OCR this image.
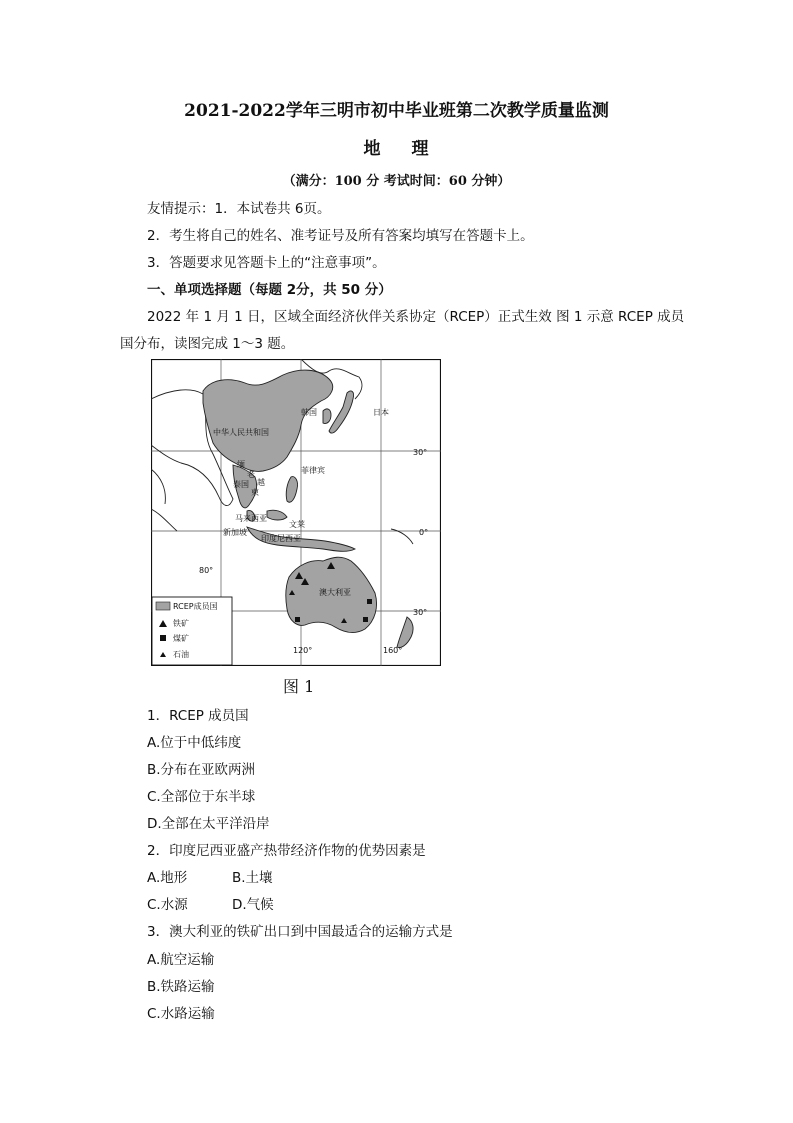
2021-2022学年三明市初中毕业班第二次教学质量监测
地 理
（满分：100 分 考试时间：60 分钟）
友情提示：1．本试卷共 6页。
2．考生将自己的姓名、准考证号及所有答案均填写在答题卡上。
3．答题要求见答题卡上的“注意事项”。
一、单项选择题（每题 2分，共 50 分）
2022 年 1 月 1 日，区域全面经济伙伴关系协定（RCEP）正式生效 图 1 示意 RCEP 成员
国分布，读图完成 1～3 题。
中华人民共和国
韩国	日本
缅
老
泰国
柬
越
菲律宾
马来西亚
文莱
新加坡
印度尼西亚
澳大利亚
30°
0°
30°
80°
120°	160°
RCEP成员国
铁矿
煤矿
石油
图 1
1．RCEP 成员国
A.位于中低纬度
B.分布在亚欧两洲
C.全部位于东半球
D.全部在太平洋沿岸
2．印度尼西亚盛产热带经济作物的优势因素是
A.地形	B.土壤
C.水源	D.气候
3．澳大利亚的铁矿出口到中国最适合的运输方式是
A.航空运输
B.铁路运输
C.水路运输
